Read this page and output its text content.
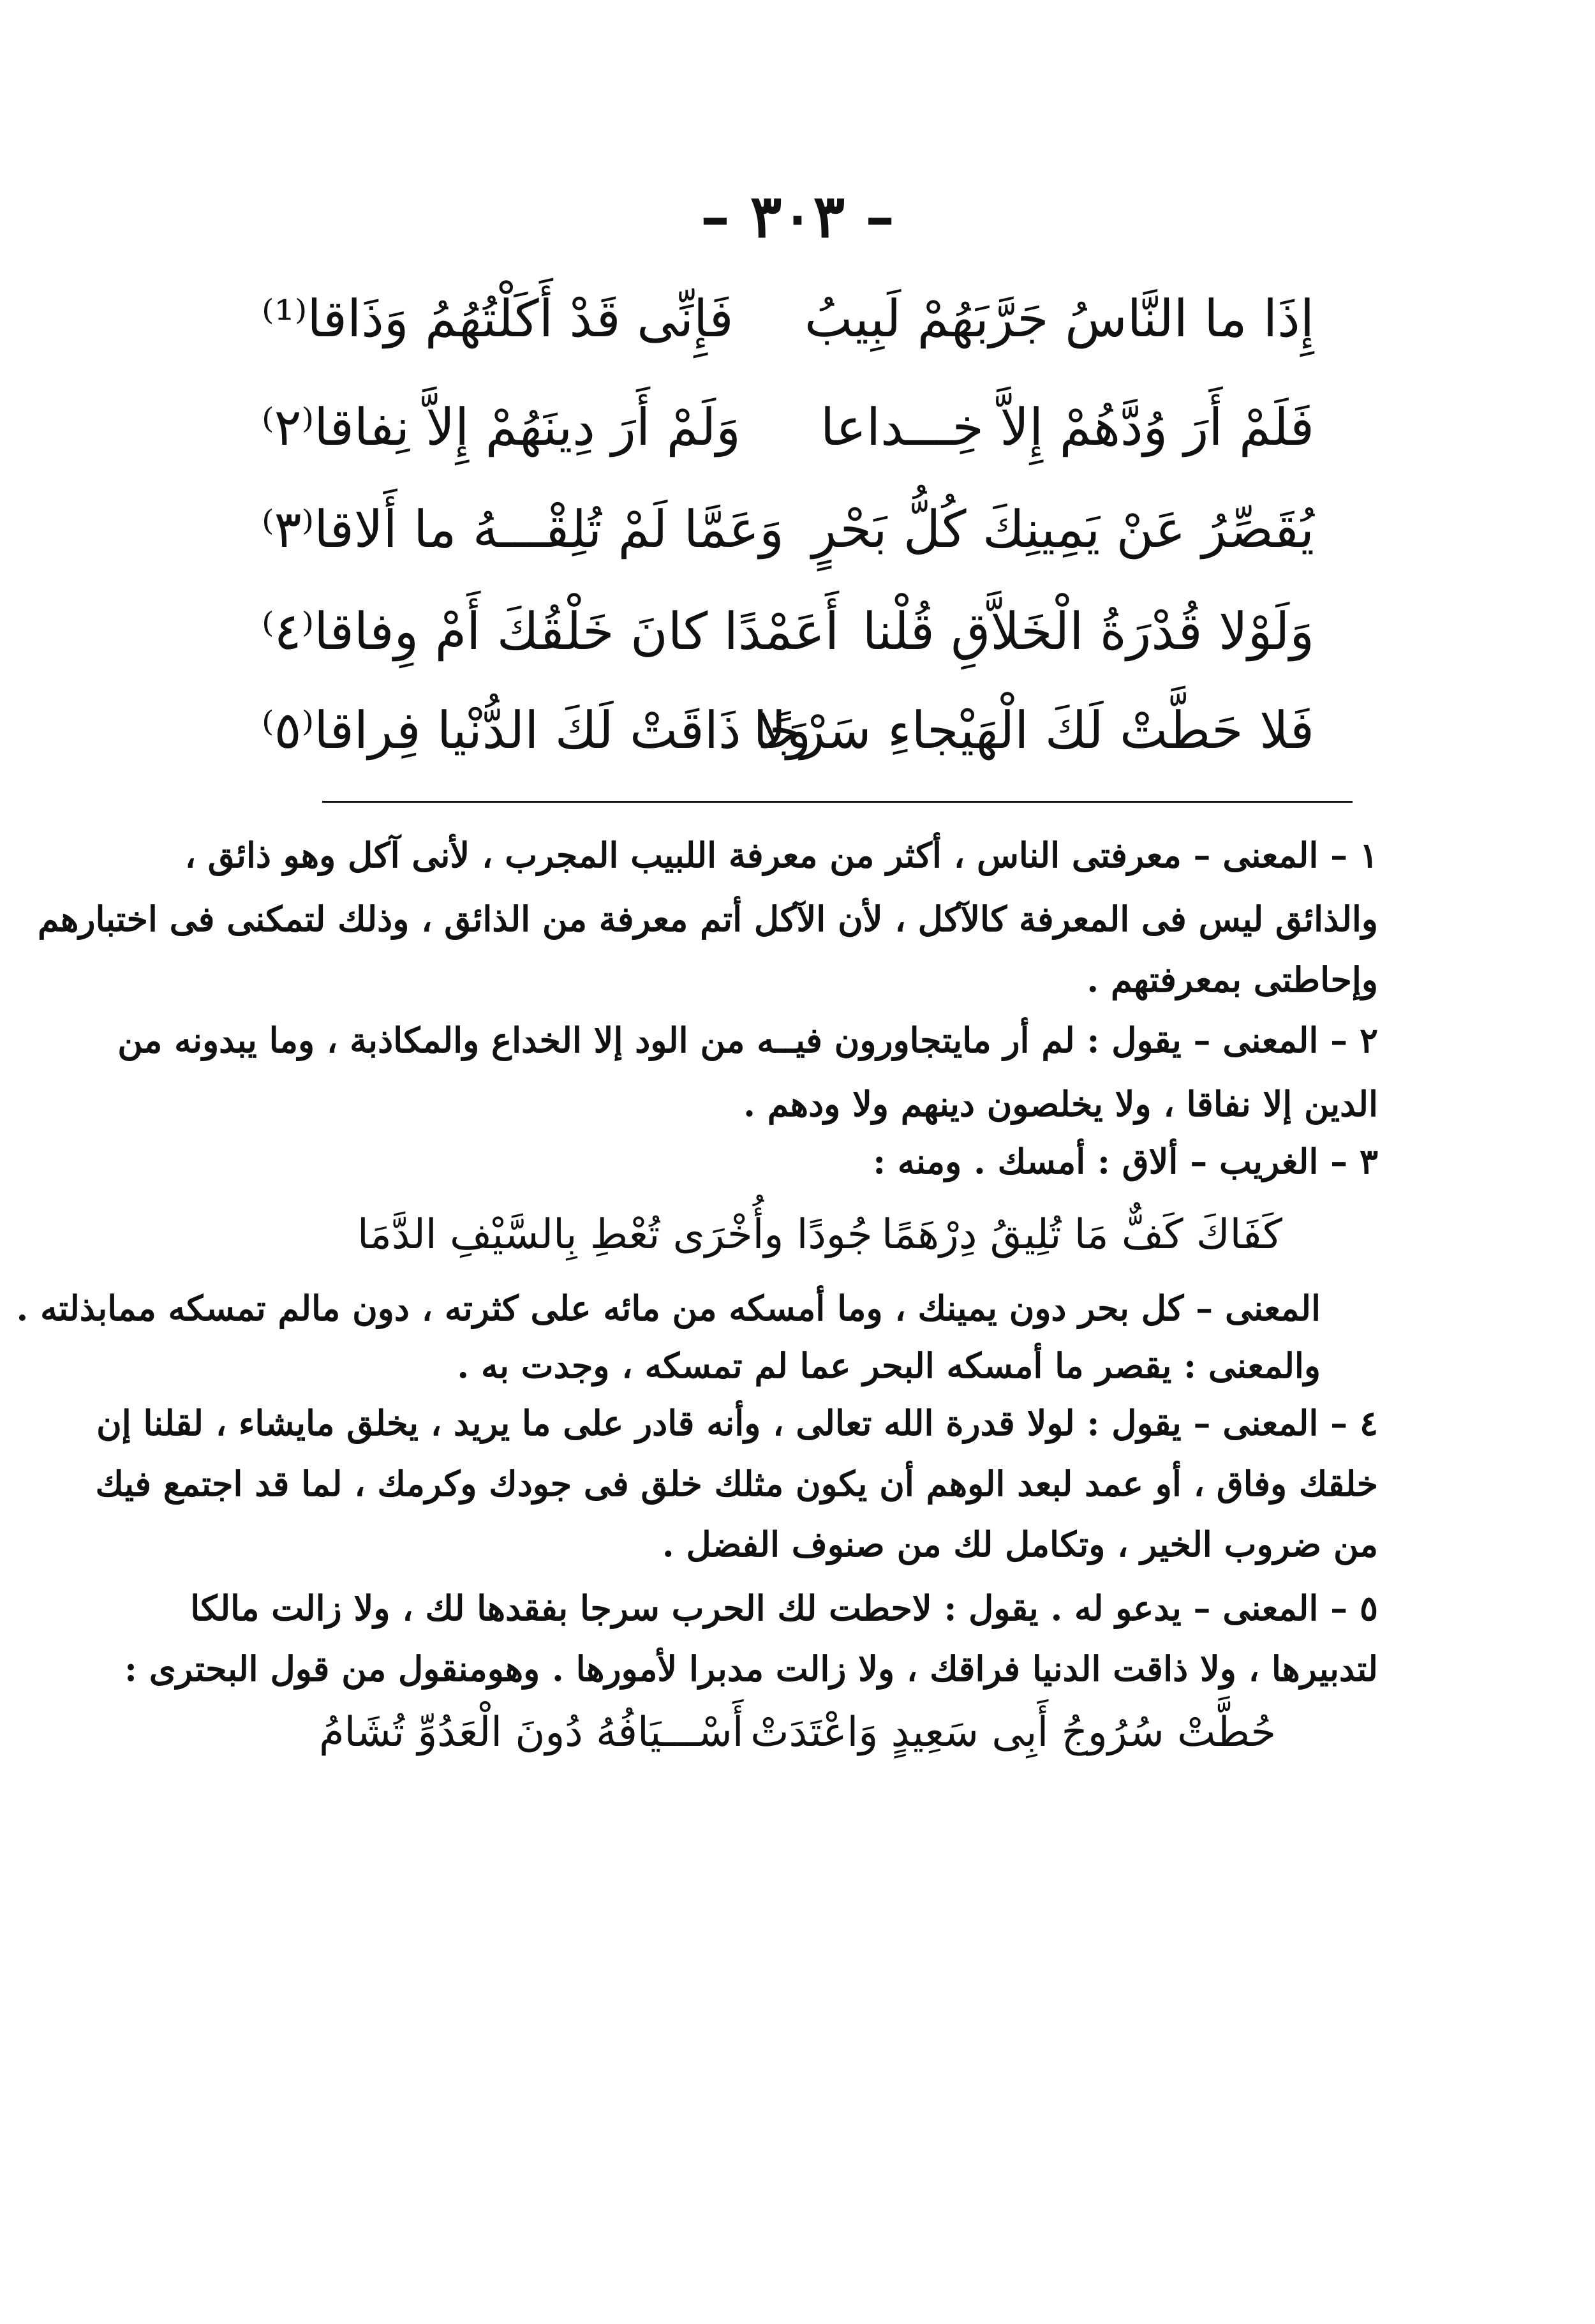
– ٣٠٣ –
إِذَا ما النَّاسُ جَرَّبَهُمْ لَبِيبُ
فَإِنِّى قَدْ أَكَلْتُهُمُ وَذَاقا⁽¹⁾
فَلَمْ أَرَ وُدَّهُمْ إِلاَّ خِـــداعا
وَلَمْ أَرَ دِينَهُمْ إِلاَّ نِفاقا⁽٢⁾
يُقَصِّرُ عَنْ يَمِينِكَ كُلُّ بَحْرٍ
وَعَمَّا لَمْ تُلِقْـــهُ ما أَلاقا⁽٣⁾
وَلَوْلا قُدْرَةُ الْخَلاَّقِ قُلْنا
أَعَمْدًا كانَ خَلْقُكَ أَمْ وِفاقا⁽٤⁾
فَلا حَطَّتْ لَكَ الْهَيْجاءِ سَرْجًا
وَلا ذَاقَتْ لَكَ الدُّنْيا فِراقا⁽٥⁾
١ – المعنى – معرفتى الناس ، أكثر من معرفة اللبيب المجرب ، لأنى آكل وهو ذائق ،
والذائق ليس فى المعرفة كالآكل ، لأن الآكل أتم معرفة من الذائق ، وذلك لتمكنى فى اختبارهم
وإحاطتى بمعرفتهم .
٢ – المعنى – يقول : لم أر مايتجاورون فيــه من الود إلا الخداع والمكاذبة ، وما يبدونه من
الدين إلا نفاقا ، ولا يخلصون دينهم ولا ودهم .
٣ – الغريب – ألاق : أمسك . ومنه :
كَفَاكَ كَفٌّ مَا تُلِيقُ دِرْهَمًا
جُودًا وأُخْرَى تُعْطِ بِالسَّيْفِ الدَّمَا
المعنى – كل بحر دون يمينك ، وما أمسكه من مائه على كثرته ، دون مالم تمسكه ممابذلته .
والمعنى : يقصر ما أمسكه البحر عما لم تمسكه ، وجدت به .
٤ – المعنى – يقول : لولا قدرة الله تعالى ، وأنه قادر على ما يريد ، يخلق مايشاء ، لقلنا إن
خلقك وفاق ، أو عمد لبعد الوهم أن يكون مثلك خلق فى جودك وكرمك ، لما قد اجتمع فيك
من ضروب الخير ، وتكامل لك من صنوف الفضل .
٥ – المعنى – يدعو له . يقول : لاحطت لك الحرب سرجا بفقدها لك ، ولا زالت مالكا
لتدبيرها ، ولا ذاقت الدنيا فراقك ، ولا زالت مدبرا لأمورها . وهومنقول من قول البحترى :
حُطَّتْ سُرُوجُ أَبِى سَعِيدٍ وَاعْتَدَتْ
أَسْـــيَافُهُ دُونَ الْعَدُوِّ تُشَامُ
